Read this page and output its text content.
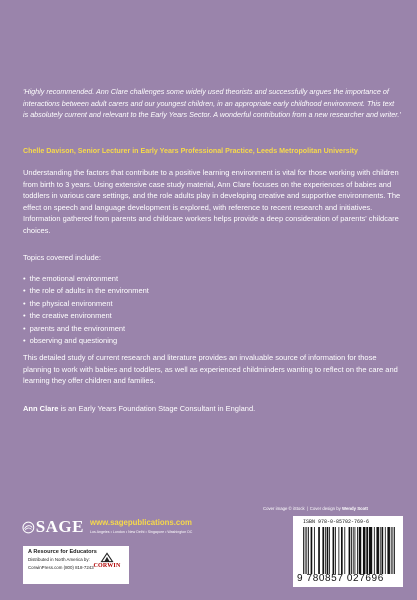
'Highly recommended. Ann Clare challenges some widely used theorists and successfully argues the importance of interactions between adult carers and our youngest children, in an appropriate early childhood environment. This text is absolutely current and relevant to the Early Years Sector. A wonderful contribution from a new researcher and writer.'

Chelle Davison, Senior Lecturer in Early Years Professional Practice, Leeds Metropolitan University

Understanding the factors that contribute to a positive learning environment is vital for those working with children from birth to 3 years. Using extensive case study material, Ann Clare focuses on the experiences of babies and toddlers in various care settings, and the role adults play in developing creative and supportive environments. The effect on speech and language development is explored, with reference to recent research and initiatives. Information gathered from parents and childcare workers helps provide a deep consideration of parents' childcare choices.

Topics covered include:

• the emotional environment
• the role of adults in the environment
• the physical environment
• the creative environment
• parents and the environment
• observing and questioning

This detailed study of current research and literature provides an invaluable source of information for those planning to work with babies and toddlers, as well as experienced childminders wanting to reflect on the care and learning they offer children and families.

Ann Clare is an Early Years Foundation Stage Consultant in England.

Cover image © iStock | Cover design by Wendy Scott
SAGE www.sagepublications.com
Los Angeles • London • New Delhi • Singapore • Washington DC
A Resource for Educators
Distributed in North America by:
CorwinPress.com (800) 818-7243 CORWIN
ISBN 978-0-85702-769-6
9 780857 027696
